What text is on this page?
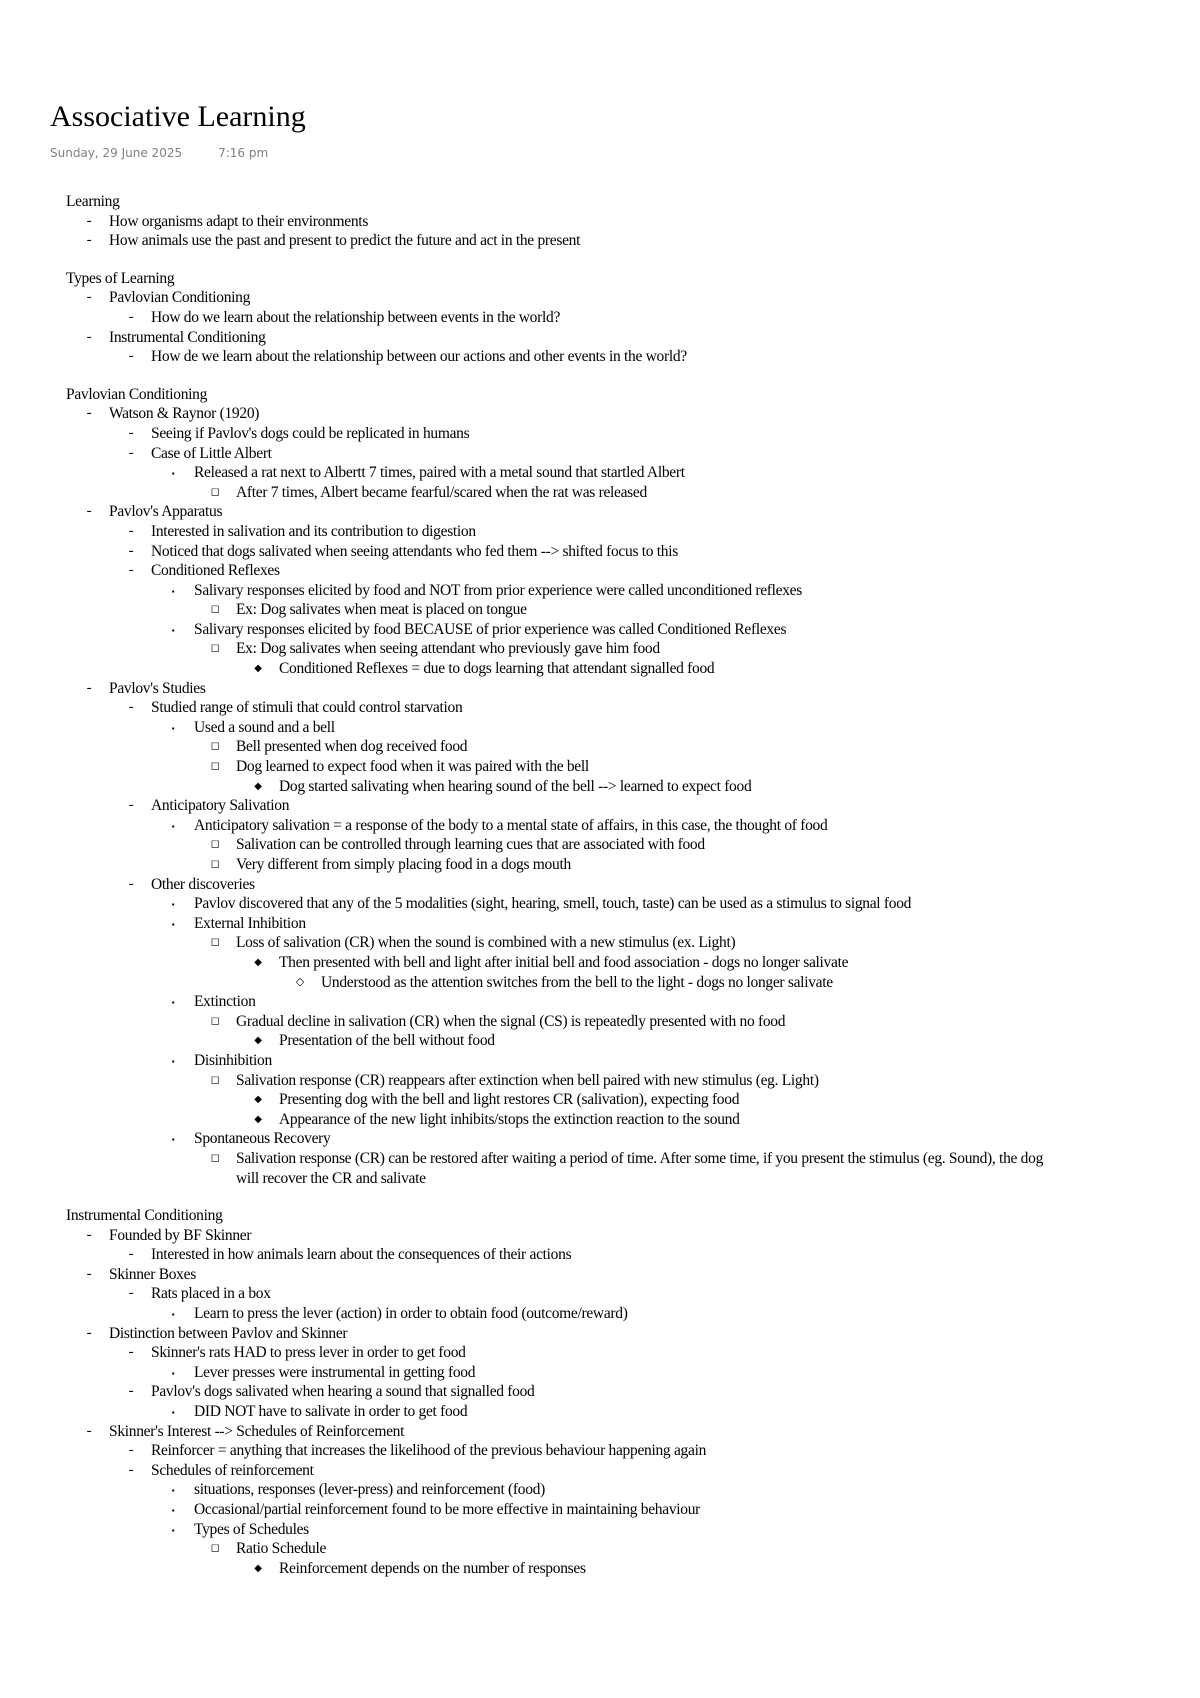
Associative Learning
Sunday, 29 June 2025	7:16 pm
Learning
-	How organisms adapt to their environments
-	How animals use the past and present to predict the future and act in the present
Types of Learning
-	Pavlovian Conditioning
-	How do we learn about the relationship between events in the world?
-	Instrumental Conditioning
-	How de we learn about the relationship between our actions and other events in the world?
Pavlovian Conditioning
-	Watson & Raynor (1920)
-	Seeing if Pavlov's dogs could be replicated in humans
-	Case of Little Albert
▪	Released a rat next to Albertt 7 times, paired with a metal sound that startled Albert
◻	After 7 times, Albert became fearful/scared when the rat was released
-	Pavlov's Apparatus
-	Interested in salivation and its contribution to digestion
-	Noticed that dogs salivated when seeing attendants who fed them --> shifted focus to this
-	Conditioned Reflexes
▪	Salivary responses elicited by food and NOT from prior experience were called unconditioned reflexes
◻	Ex: Dog salivates when meat is placed on tongue
▪	Salivary responses elicited by food BECAUSE of prior experience was called Conditioned Reflexes
◻	Ex: Dog salivates when seeing attendant who previously gave him food
◆	Conditioned Reflexes = due to dogs learning that attendant signalled food
-	Pavlov's Studies
-	Studied range of stimuli that could control starvation
▪	Used a sound and a bell
◻	Bell presented when dog received food
◻	Dog learned to expect food when it was paired with the bell
◆	Dog started salivating when hearing sound of the bell --> learned to expect food
-	Anticipatory Salivation
▪	Anticipatory salivation = a response of the body to a mental state of affairs, in this case, the thought of food
◻	Salivation can be controlled through learning cues that are associated with food
◻	Very different from simply placing food in a dogs mouth
-	Other discoveries
▪	Pavlov discovered that any of the 5 modalities (sight, hearing, smell, touch, taste) can be used as a stimulus to signal food
▪	External Inhibition
◻	Loss of salivation (CR) when the sound is combined with a new stimulus (ex. Light)
◆	Then presented with bell and light after initial bell and food association - dogs no longer salivate
◇	Understood as the attention switches from the bell to the light - dogs no longer salivate
▪	Extinction
◻	Gradual decline in salivation (CR) when the signal (CS) is repeatedly presented with no food
◆	Presentation of the bell without food
▪	Disinhibition
◻	Salivation response (CR) reappears after extinction when bell paired with new stimulus (eg. Light)
◆	Presenting dog with the bell and light restores CR (salivation), expecting food
◆	Appearance of the new light inhibits/stops the extinction reaction to the sound
▪	Spontaneous Recovery
◻	Salivation response (CR) can be restored after waiting a period of time. After some time, if you present the stimulus (eg. Sound), the dog will recover the CR and salivate
Instrumental Conditioning
-	Founded by BF Skinner
-	Interested in how animals learn about the consequences of their actions
-	Skinner Boxes
-	Rats placed in a box
▪	Learn to press the lever (action) in order to obtain food (outcome/reward)
-	Distinction between Pavlov and Skinner
-	Skinner's rats HAD to press lever in order to get food
▪	Lever presses were instrumental in getting food
-	Pavlov's dogs salivated when hearing a sound that signalled food
▪	DID NOT have to salivate in order to get food
-	Skinner's Interest --> Schedules of Reinforcement
-	Reinforcer = anything that increases the likelihood of the previous behaviour happening again
-	Schedules of reinforcement
▪	situations, responses (lever-press) and reinforcement (food)
▪	Occasional/partial reinforcement found to be more effective in maintaining behaviour
▪	Types of Schedules
◻	Ratio Schedule
◆	Reinforcement depends on the number of responses
